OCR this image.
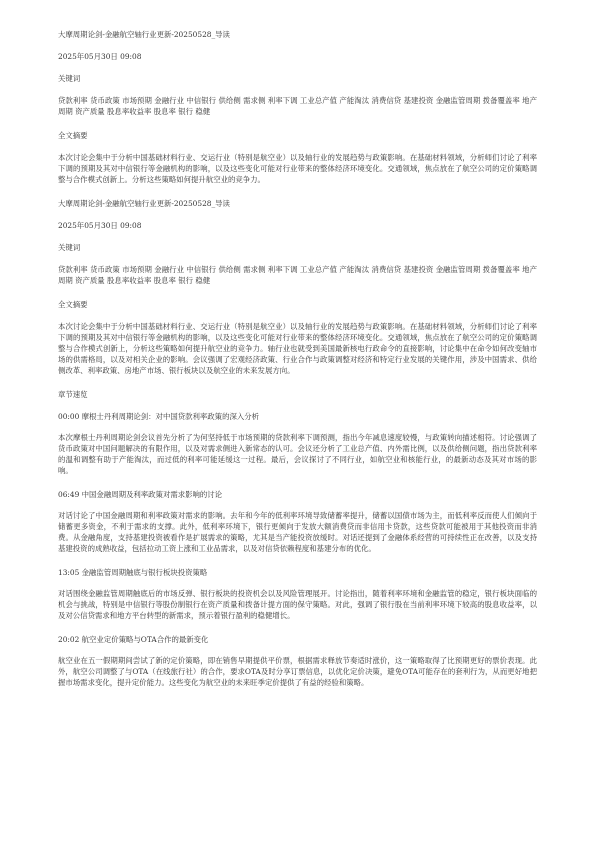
大摩周期论剑-金融航空轴行业更新-20250528_导读

2025年05月30日 09:08

关键词

贷款利率 货币政策 市场预期 金融行业 中信银行 供给侧 需求侧 利率下调 工业总产值 产能淘汰 消费信贷 基建投资 金融监管周期 拨备覆盖率 地产周期 资产质量 股息率收益率 股息率 银行 稳健

全文摘要

本次讨论会集中于分析中国基础材料行业、交运行业（特别是航空业）以及轴行业的发展趋势与政策影响。在基础材料领域，分析师们讨论了利率下调的预期及其对中信银行等金融机构的影响，以及这些变化可能对行业带来的整体经济环境变化。交通领域，焦点放在了航空公司的定价策略调整与合作模式创新上。分析这些策略如何提升航空业的竞争力。

大摩周期论剑-金融航空轴行业更新-20250528_导读

2025年05月30日 09:08

关键词

贷款利率 货币政策 市场预期 金融行业 中信银行 供给侧 需求侧 利率下调 工业总产值 产能淘汰 消费信贷 基建投资 金融监管周期 拨备覆盖率 地产周期 资产质量 股息率收益率 股息率 银行 稳健

全文摘要

本次讨论会集中于分析中国基础材料行业、交运行业（特别是航空业）以及轴行业的发展趋势与政策影响。在基础材料领域，分析师们讨论了利率下调的预期及其对中信银行等金融机构的影响，以及这些变化可能对行业带来的整体经济环境变化。交通领域，焦点放在了航空公司的定价策略调整与合作模式创新上，分析这些策略如何提升航空业的竞争力。轴行业也就受到美国最新核电行政命令的直接影响，讨论集中在命令如何改变轴市场的供需格局，以及对相关企业的影响。会议强调了宏观经济政策、行业合作与政策调整对经济和特定行业发展的关键作用，涉及中国需求、供给侧改革、利率政策、房地产市场、银行板块以及航空业的未来发展方向。

章节速览

00:00 摩根士丹利周期论剑：对中国贷款利率政策的深入分析

本次摩根士丹利周期论剑会议首先分析了为何坚持低于市场预期的贷款利率下调预测，指出今年减息速度较慢，与政策转向描述相符。讨论强调了货币政策对中国问题解决的有限作用，以及对需求侧进入新常态的认可。会议还分析了工业总产值、内外需比例，以及供给侧问题，指出贷款利率的温和调整有助于产能淘汰，而过低的利率可能延缓这一过程。最后，会议探讨了不同行业，如航空业和核能行业，的最新动态及其对市场的影响。

06:49 中国金融周期及利率政策对需求影响的讨论

对话讨论了中国金融周期和利率政策对需求的影响。去年和今年的低利率环境导致储蓄率提升，储蓄以国债市场为主，而低利率反而使人们倾向于储蓄更多资金，不利于需求的支撑。此外，低利率环境下，银行更倾向于发放大额消费贷而非信用卡贷款，这些贷款可能被用于其他投资而非消费。从金融角度，支持基建投资被看作是扩展需求的策略，尤其是当产能投资放缓时。对话还提到了金融体系经营的可持续性正在改善，以及支持基建投资的成熟收益，包括拉动工资上涨和工业品需求，以及对信贷依赖程度和基建分布的优化。

13:05 金融监管周期触底与银行板块投资策略

对话围绕金融监管周期触底后的市场反弹、银行板块的投资机会以及风险管理展开。讨论指出，随着利率环境和金融监管的稳定，银行板块面临的机会与挑战，特别是中信银行等股份制银行在资产质量和拨备计提方面的保守策略。对此，强调了银行股在当前利率环境下较高的股息收益率，以及对公信贷需求和地方平台转型的新需求，预示着银行盈利的稳健增长。

20:02 航空业定价策略与OTA合作的最新变化

航空业在五一假期期间尝试了新的定价策略，即在销售早期提供平价票，根据需求释放节奏适时涨价，这一策略取得了比预期更好的票价表现。此外，航空公司调整了与OTA（在线旅行社）的合作，要求OTA及时分享订票信息，以优化定价决策，避免OTA可能存在的套利行为，从而更好地把握市场需求变化，提升定价能力。这些变化为航空业的未来旺季定价提供了有益的经验和策略。
